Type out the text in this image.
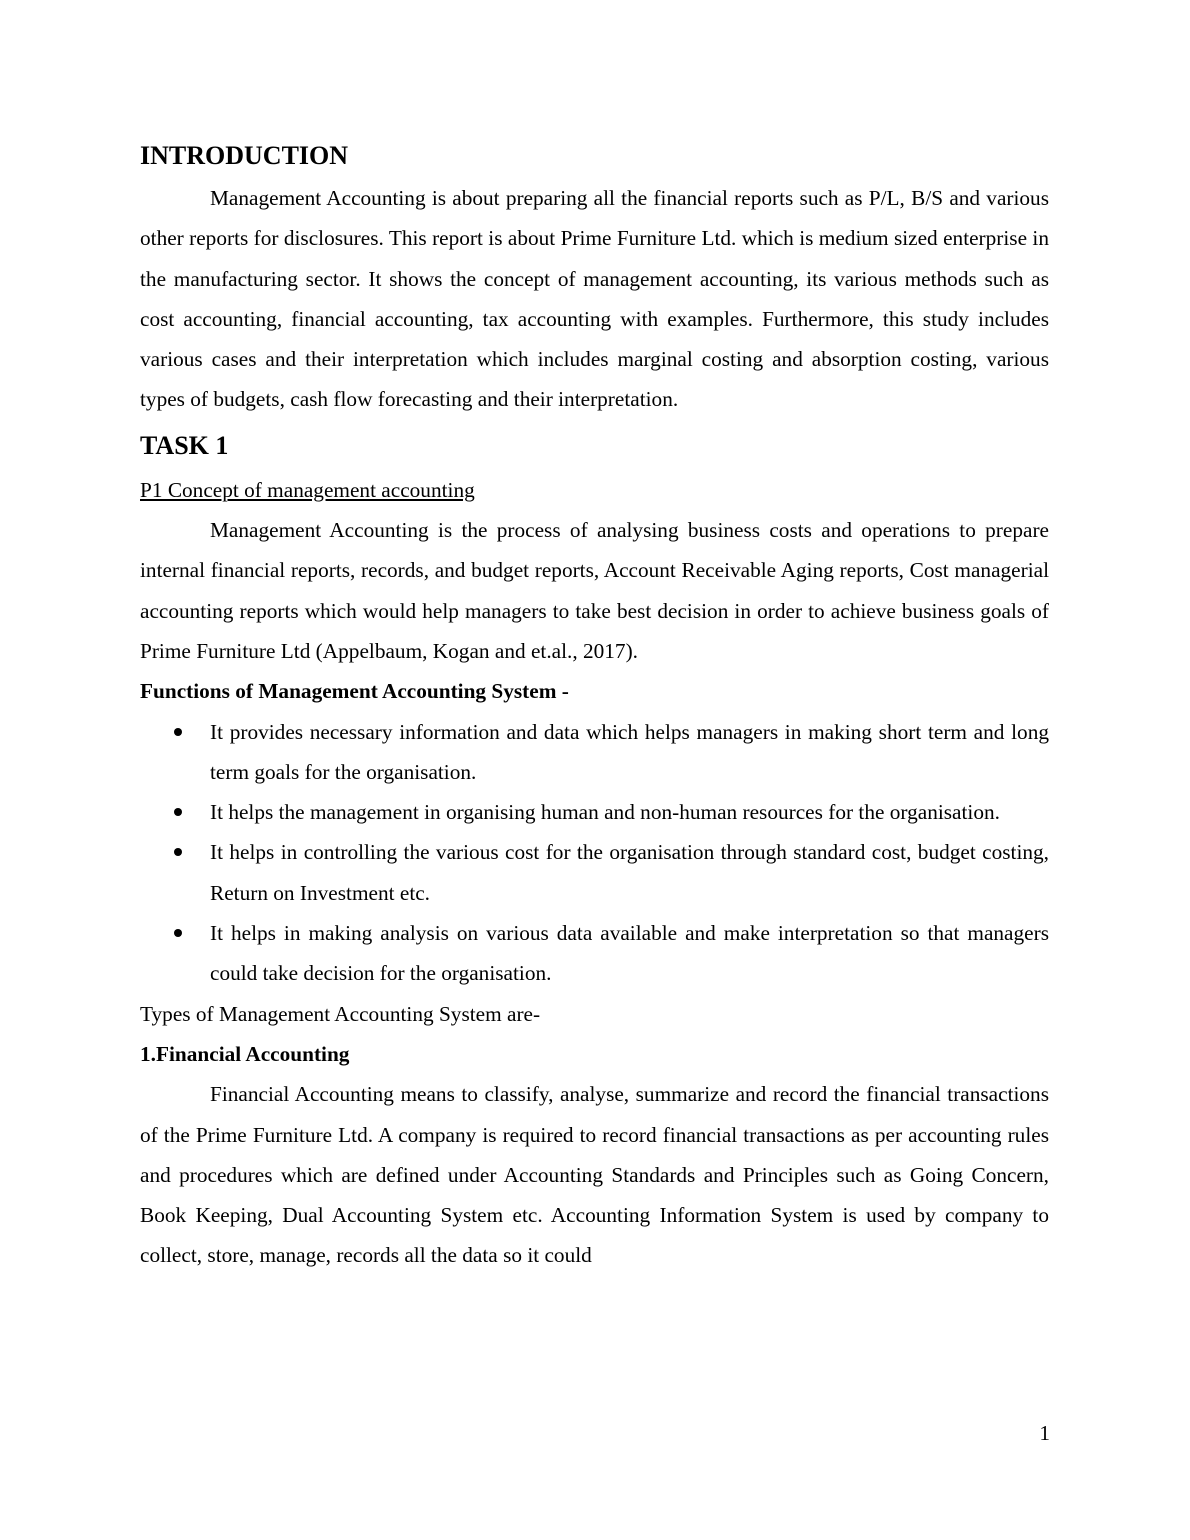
INTRODUCTION

Management Accounting is about preparing all the financial reports such as P/L, B/S and various other reports for disclosures. This report is about Prime Furniture Ltd. which is medium sized enterprise in the manufacturing sector. It shows the concept of management accounting, its various methods such as cost accounting, financial accounting, tax accounting with examples. Furthermore, this study includes various cases and their interpretation which includes marginal costing and absorption costing, various types of budgets, cash flow forecasting and their interpretation.

TASK 1

P1 Concept of management accounting

Management Accounting is the process of analysing business costs and operations to prepare internal financial reports, records, and budget reports, Account Receivable Aging reports, Cost managerial accounting reports which would help managers to take best decision in order to achieve business goals of Prime Furniture Ltd (Appelbaum, Kogan and et.al., 2017).

Functions of Management Accounting System -

It provides necessary information and data which helps managers in making short term and long term goals for the organisation.

It helps the management in organising human and non-human resources for the organisation.

It helps in controlling the various cost for the organisation through standard cost, budget costing, Return on Investment etc.

It helps in making analysis on various data available and make interpretation so that managers could take decision for the organisation.

Types of Management Accounting System are-

1.Financial Accounting

Financial Accounting means to classify, analyse, summarize and record the financial transactions of the Prime Furniture Ltd. A company is required to record financial transactions as per accounting rules and procedures which are defined under Accounting Standards and Principles such as Going Concern, Book Keeping, Dual Accounting System etc. Accounting Information System is used by company to collect, store, manage, records all the data so it could

1
